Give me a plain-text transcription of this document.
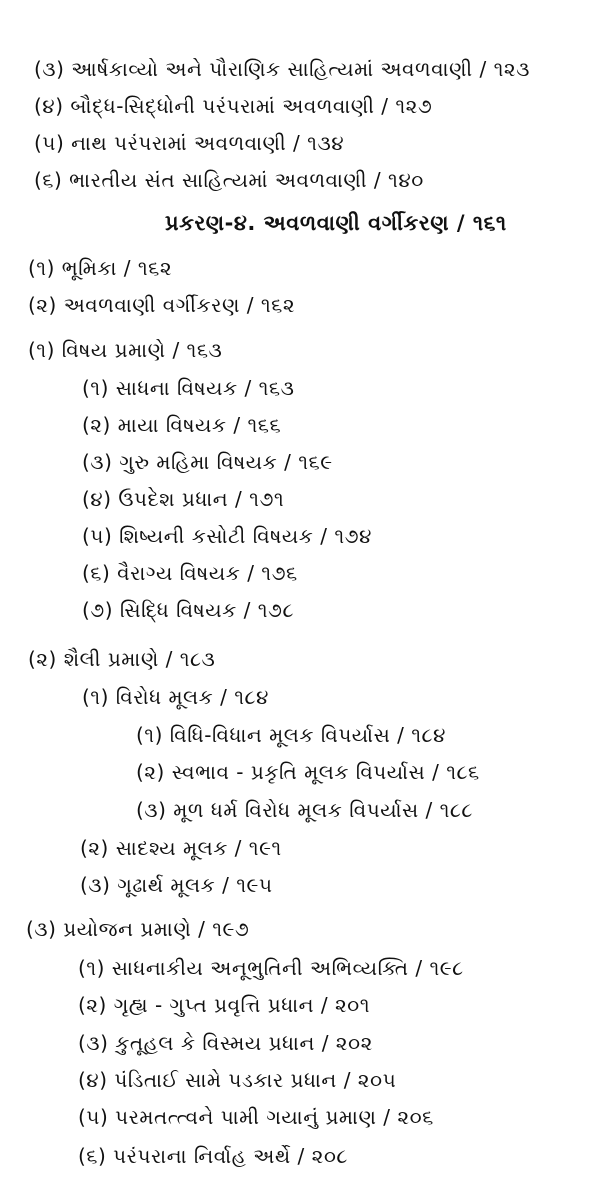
(૩) આર્ષકાવ્યો અને પૌરાણિક સાહિત્યમાં અવળવાણી / ૧૨૩
(૪) બૌદ્ધ-સિદ્ધોની પરંપરામાં અવળવાણી / ૧૨૭
(૫) નાથ પરંપરામાં અવળવાણી / ૧૩૪
(૬) ભારતીય સંત સાહિત્યમાં અવળવાણી / ૧૪૦
પ્રકરણ-૪. અવળવાણી વર્ગીકરણ / ૧૬૧
(૧) ભૂમિકા / ૧૬૨
(૨) અવળવાણી વર્ગીકરણ / ૧૬૨
(૧) વિષય પ્રમાણે / ૧૬૩
(૧) સાધના વિષયક / ૧૬૩
(૨) માયા વિષયક / ૧૬૬
(૩) ગુરુ મહિમા વિષયક / ૧૬૯
(૪) ઉપદેશ પ્રધાન / ૧૭૧
(૫) શિષ્યની કસોટી વિષયક / ૧૭૪
(૬) વૈરાગ્ય વિષયક / ૧૭૬
(૭) સિદ્ધિ વિષયક / ૧૭૮
(૨) શૈલી પ્રમાણે / ૧૮૩
(૧) વિરોધ મૂલક / ૧૮૪
(૧) વિધિ-વિધાન મૂલક વિપર્યાસ / ૧૮૪
(૨) સ્વભાવ - પ્રકૃતિ મૂલક વિપર્યાસ / ૧૮૬
(૩) મૂળ ધર્મ વિરોધ મૂલક વિપર્યાસ / ૧૮૮
(૨) સાદશ્ય મૂલક / ૧૯૧
(૩) ગૂઢાર્થ મૂલક / ૧૯૫
(૩) પ્રયોજન પ્રમાણે / ૧૯૭
(૧) સાધનાકીય અનૂભુતિની અભિવ્યક્તિ / ૧૯૮
(૨) ગૃહ્ય - ગુપ્ત પ્રવૃત્તિ પ્રધાન / ૨૦૧
(૩) કુતૂહલ કે વિસ્મય પ્રધાન / ૨૦૨
(૪) પંડિતાઈ સામે પડકાર પ્રધાન / ૨૦૫
(૫) પરમતત્ત્વને પામી ગયાનું પ્રમાણ / ૨૦૬
(૬) પરંપરાના નિર્વાહ અર્થે / ૨૦૮
